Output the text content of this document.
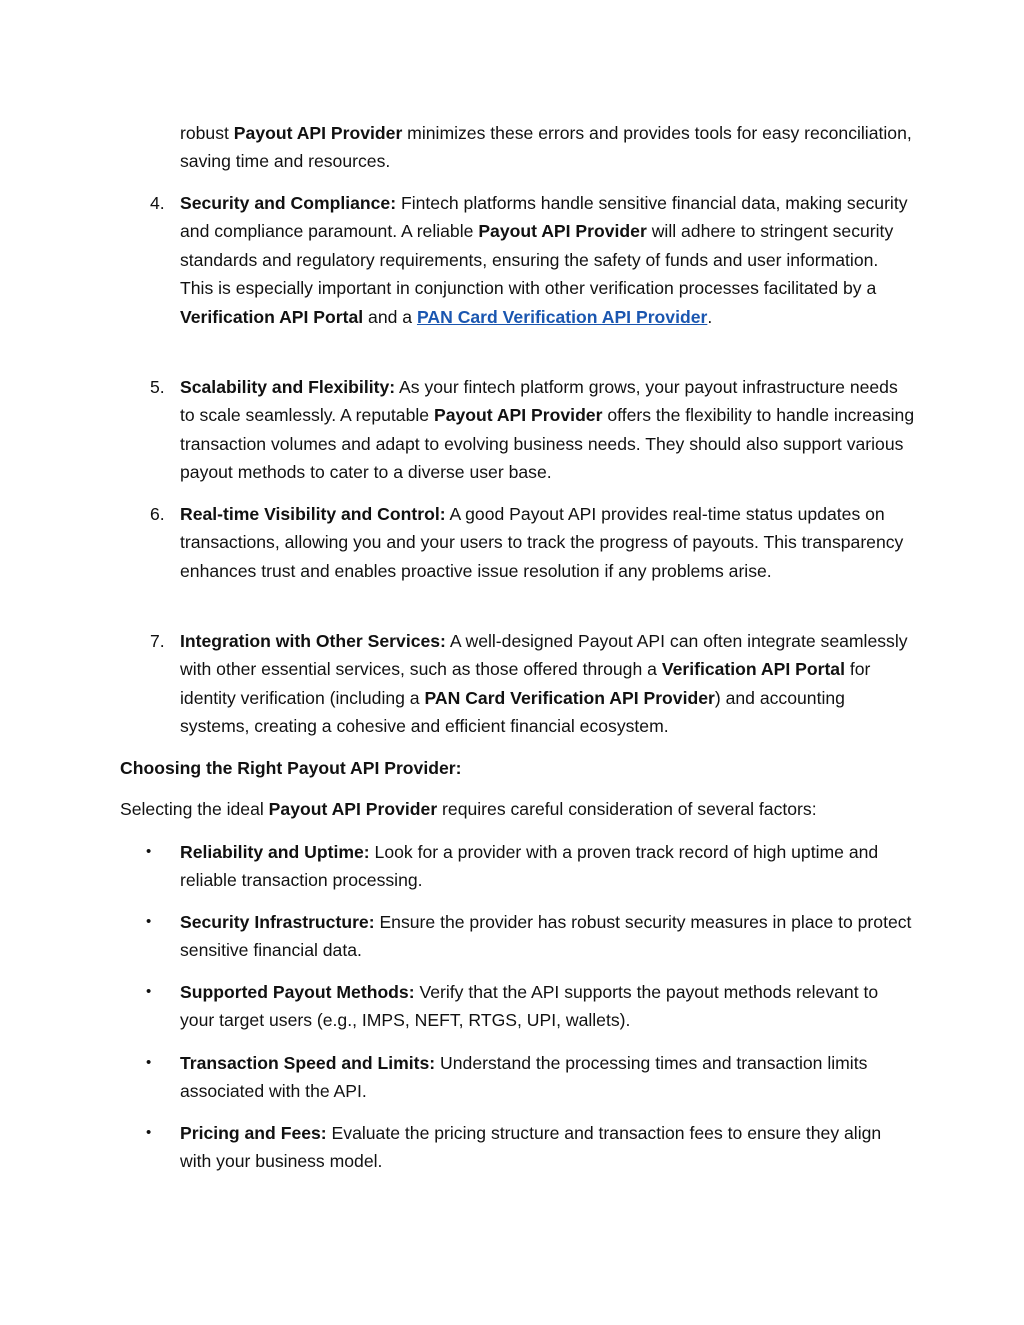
robust Payout API Provider minimizes these errors and provides tools for easy reconciliation, saving time and resources.
4. Security and Compliance: Fintech platforms handle sensitive financial data, making security and compliance paramount. A reliable Payout API Provider will adhere to stringent security standards and regulatory requirements, ensuring the safety of funds and user information. This is especially important in conjunction with other verification processes facilitated by a Verification API Portal and a PAN Card Verification API Provider.
5. Scalability and Flexibility: As your fintech platform grows, your payout infrastructure needs to scale seamlessly. A reputable Payout API Provider offers the flexibility to handle increasing transaction volumes and adapt to evolving business needs. They should also support various payout methods to cater to a diverse user base.
6. Real-time Visibility and Control: A good Payout API provides real-time status updates on transactions, allowing you and your users to track the progress of payouts. This transparency enhances trust and enables proactive issue resolution if any problems arise.
7. Integration with Other Services: A well-designed Payout API can often integrate seamlessly with other essential services, such as those offered through a Verification API Portal for identity verification (including a PAN Card Verification API Provider) and accounting systems, creating a cohesive and efficient financial ecosystem.
Choosing the Right Payout API Provider:
Selecting the ideal Payout API Provider requires careful consideration of several factors:
•	Reliability and Uptime: Look for a provider with a proven track record of high uptime and reliable transaction processing.
•	Security Infrastructure: Ensure the provider has robust security measures in place to protect sensitive financial data.
•	Supported Payout Methods: Verify that the API supports the payout methods relevant to your target users (e.g., IMPS, NEFT, RTGS, UPI, wallets).
•	Transaction Speed and Limits: Understand the processing times and transaction limits associated with the API.
•	Pricing and Fees: Evaluate the pricing structure and transaction fees to ensure they align with your business model.
